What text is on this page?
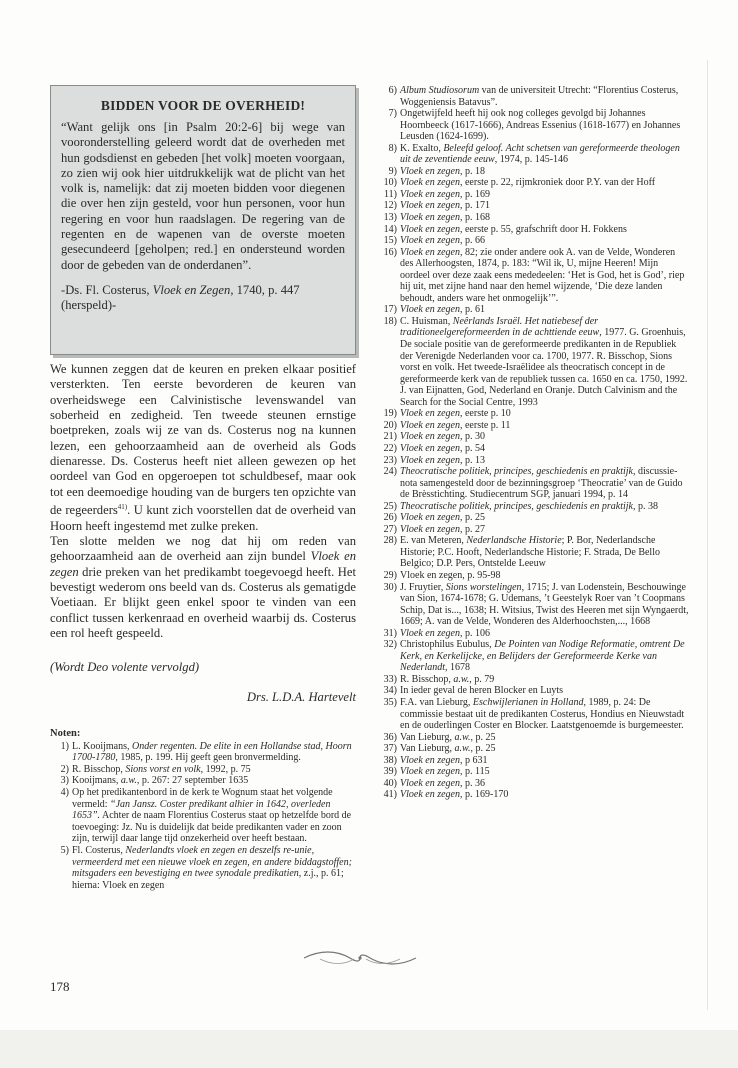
BIDDEN VOOR DE OVERHEID!

“Want gelijk ons [in Psalm 20:2-6] bij wege van vooronderstelling geleerd wordt dat de overheden met hun godsdienst en gebeden [het volk] moeten voorgaan, zo zien wij ook hier uitdrukkelijk wat de plicht van het volk is, namelijk: dat zij moeten bidden voor diegenen die over hen zijn gesteld, voor hun personen, voor hun regering en voor hun raadslagen. De regering van de regenten en de wapenen van de overste moeten gesecundeerd [geholpen; red.] en ondersteund worden door de gebeden van de onderdanen”.

-Ds. Fl. Costerus, Vloek en Zegen, 1740, p. 447 (herspeld)-

We kunnen zeggen dat de keuren en preken elkaar positief versterkten. Ten eerste bevorderen de keuren van overheidswege een Calvinistische levenswandel van soberheid en zedigheid. Ten tweede steunen ernstige boetpreken, zoals wij ze van ds. Costerus nog na kunnen lezen, een gehoorzaamheid aan de overheid als Gods dienaresse. Ds. Costerus heeft niet alleen gewezen op het oordeel van God en opgeroepen tot schuldbesef, maar ook tot een deemoedige houding van de burgers ten opzichte van de regeerders$^{41)}$. U kunt zich voorstellen dat de overheid van Hoorn heeft ingestemd met zulke preken.

Ten slotte melden we nog dat hij om reden van gehoorzaamheid aan de overheid aan zijn bundel Vloek en zegen drie preken van het predikambt toegevoegd heeft. Het bevestigt wederom ons beeld van ds. Costerus als gematigde Voetiaan. Er blijkt geen enkel spoor te vinden van een conflict tussen kerkenraad en overheid waarbij ds. Costerus een rol heeft gespeeld.

(Wordt Deo volente vervolgd)
Drs. L.D.A. Hartevelt
Noten:
1) L. Kooijmans, Onder regenten. De elite in een Hollandse stad, Hoorn 1700-1780, 1985, p. 199. Hij geeft geen bronvermelding.
2) R. Bisschop, Sions vorst en volk, 1992, p. 75
3) Kooijmans, a.w., p. 267: 27 september 1635
4) Op het predikantenbord in de kerk te Wognum staat het volgende vermeld: “Jan Jansz. Coster predikant alhier in 1642, overleden 1653”. Achter de naam Florentius Costerus staat op hetzelfde bord de toevoeging: Jz. Nu is duidelijk dat beide predikanten vader en zoon zijn, terwijl daar lange tijd onzekerheid over heeft bestaan.
5) Fl. Costerus, Nederlandts vloek en zegen en deszelfs re-unie, vermeerderd met een nieuwe vloek en zegen, en andere biddagstoffen; mitsgaders een bevestiging en twee synodale predikatien, z.j., p. 61; hierna: Vloek en zegen
6) Album Studiosorum van de universiteit Utrecht: “Florentius Costerus, Woggeniensis Batavus”.
7) Ongetwijfeld heeft hij ook nog colleges gevolgd bij Johannes Hoornbeeck (1617-1666), Andreas Essenius (1618-1677) en Johannes Leusden (1624-1699).
8) K. Exalto, Beleefd geloof. Acht schetsen van gereformeerde theologen uit de zeventiende eeuw, 1974, p. 145-146
9) Vloek en zegen, p. 18
10) Vloek en zegen, eerste p. 22, rijmkroniek door P.Y. van der Hoff
11) Vloek en zegen, p. 169
12) Vloek en zegen, p. 171
13) Vloek en zegen, p. 168
14) Vloek en zegen, eerste p. 55, grafschrift door H. Fokkens
15) Vloek en zegen, p. 66
16) Vloek en zegen, 82; zie onder andere ook A. van de Velde, Wonderen des Allerhoogsten, 1874, p. 183: “Wil ik, U, mijne Heeren! Mijn oordeel over deze zaak eens mededeelen: ‘Het is God, het is God’, riep hij uit, met zijne hand naar den hemel wijzende, ‘Die deze landen behoudt, anders ware het onmogelijk’”.
17) Vloek en zegen, p. 61
18) C. Huisman, Neêrlands Israël. Het natiebesef der traditioneelgereformeerden in de achttiende eeuw, 1977. G. Groenhuis, De sociale positie van de gereformeerde predikanten in de Republiek der Verenigde Nederlanden voor ca. 1700, 1977. R. Bisschop, Sions vorst en volk. Het tweede-Israëlidee als theocratisch concept in de gereformeerde kerk van de republiek tussen ca. 1650 en ca. 1750, 1992. J. van Eijnatten, God, Nederland en Oranje. Dutch Calvinism and the Search for the Social Centre, 1993
19) Vloek en zegen, eerste p. 10
20) Vloek en zegen, eerste p. 11
21) Vloek en zegen, p. 30
22) Vloek en zegen, p. 54
23) Vloek en zegen, p. 13
24) Theocratische politiek, principes, geschiedenis en praktijk, discussie-nota samengesteld door de bezinningsgroep ‘Theocratie’ van de Guido de Brèsstichting. Studiecentrum SGP, januari 1994, p. 14
25) Theocratische politiek, principes, geschiedenis en praktijk, p. 38
26) Vloek en zegen, p. 25
27) Vloek en zegen, p. 27
28) E. van Meteren, Nederlandsche Historie; P. Bor, Nederlandsche Historie; P.C. Hooft, Nederlandsche Historie; F. Strada, De Bello Belgico; D.P. Pers, Ontstelde Leeuw
29) Vloek en zegen, p. 95-98
30) J. Fruytier, Sions worstelingen, 1715; J. van Lodenstein, Beschouwinge van Sion, 1674-1678; G. Udemans, ’t Geestelyk Roer van ’t Coopmans Schip, Dat is..., 1638; H. Witsius, Twist des Heeren met sijn Wyngaerdt, 1669; A. van de Velde, Wonderen des Alderhoochsten,..., 1668
31) Vloek en zegen, p. 106
32) Christophilus Eubulus, De Pointen van Nodige Reformatie, omtrent De Kerk, en Kerkelijcke, en Belijders der Gereformeerde Kerke van Nederlandt, 1678
33) R. Bisschop, a.w., p. 79
34) In ieder geval de heren Blocker en Luyts
35) F.A. van Lieburg, Eschwijlerianen in Holland, 1989, p. 24: De commissie bestaat uit de predikanten Costerus, Hondius en Nieuwstadt en de ouderlingen Coster en Blocker. Laatstgenoemde is burgemeester.
36) Van Lieburg, a.w., p. 25
37) Van Lieburg, a.w., p. 25
38) Vloek en zegen, p 631
39) Vloek en zegen, p. 115
40) Vloek en zegen, p. 36
41) Vloek en zegen, p. 169-170
178
